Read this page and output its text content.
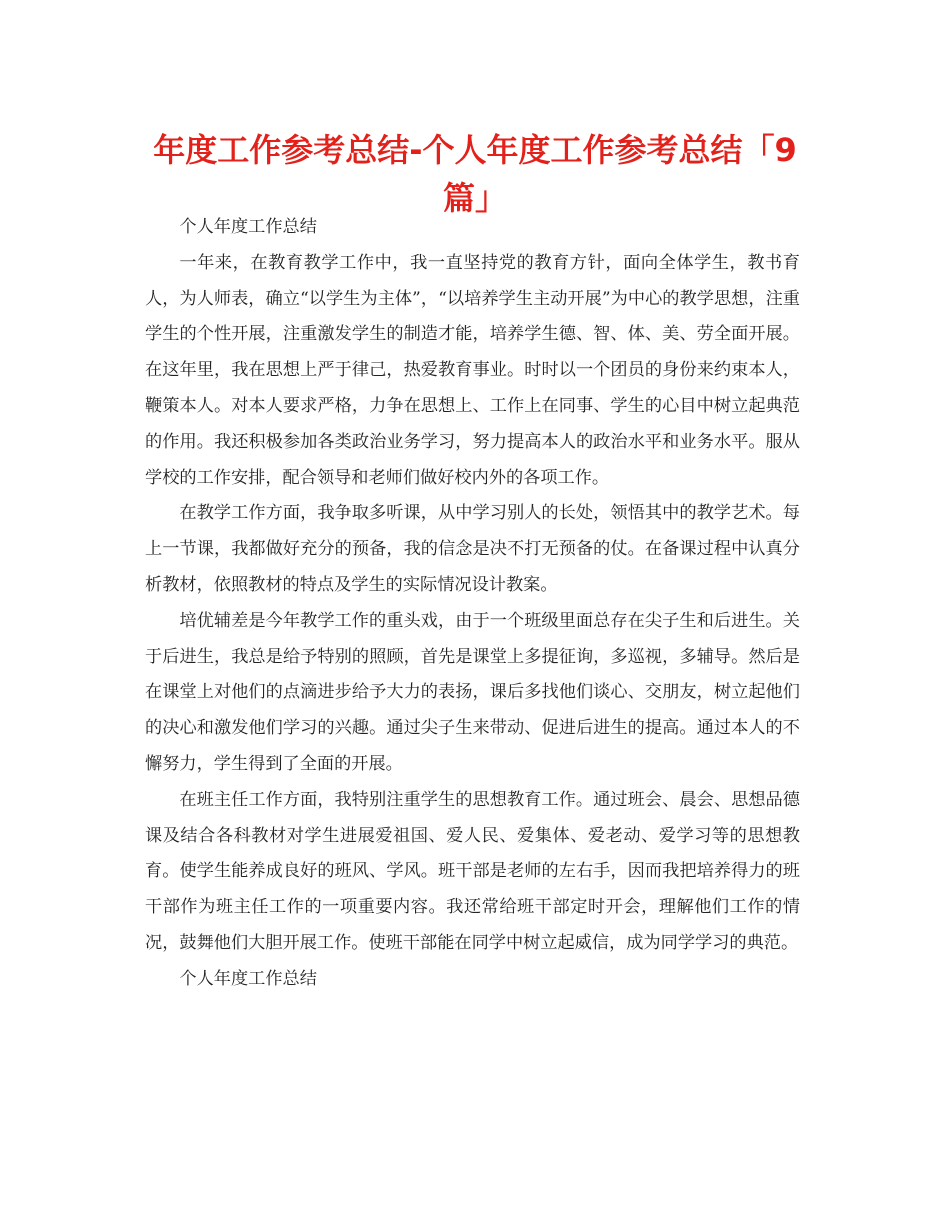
年度工作参考总结-个人年度工作参考总结「9篇」

个人年度工作总结

一年来，在教育教学工作中，我一直坚持党的教育方针，面向全体学生，教书育人，为人师表，确立“以学生为主体”，“以培养学生主动开展”为中心的教学思想，注重学生的个性开展，注重激发学生的制造才能，培养学生德、智、体、美、劳全面开展。在这年里，我在思想上严于律己，热爱教育事业。时时以一个团员的身份来约束本人，鞭策本人。对本人要求严格，力争在思想上、工作上在同事、学生的心目中树立起典范的作用。我还积极参加各类政治业务学习，努力提高本人的政治水平和业务水平。服从学校的工作安排，配合领导和老师们做好校内外的各项工作。

在教学工作方面，我争取多听课，从中学习别人的长处，领悟其中的教学艺术。每上一节课，我都做好充分的预备，我的信念是决不打无预备的仗。在备课过程中认真分析教材，依照教材的特点及学生的实际情况设计教案。

培优辅差是今年教学工作的重头戏，由于一个班级里面总存在尖子生和后进生。关于后进生，我总是给予特别的照顾，首先是课堂上多提征询，多巡视，多辅导。然后是在课堂上对他们的点滴进步给予大力的表扬，课后多找他们谈心、交朋友，树立起他们的决心和激发他们学习的兴趣。通过尖子生来带动、促进后进生的提高。通过本人的不懈努力，学生得到了全面的开展。

在班主任工作方面，我特别注重学生的思想教育工作。通过班会、晨会、思想品德课及结合各科教材对学生进展爱祖国、爱人民、爱集体、爱老动、爱学习等的思想教育。使学生能养成良好的班风、学风。班干部是老师的左右手，因而我把培养得力的班干部作为班主任工作的一项重要内容。我还常给班干部定时开会，理解他们工作的情况，鼓舞他们大胆开展工作。使班干部能在同学中树立起威信，成为同学学习的典范。

个人年度工作总结
